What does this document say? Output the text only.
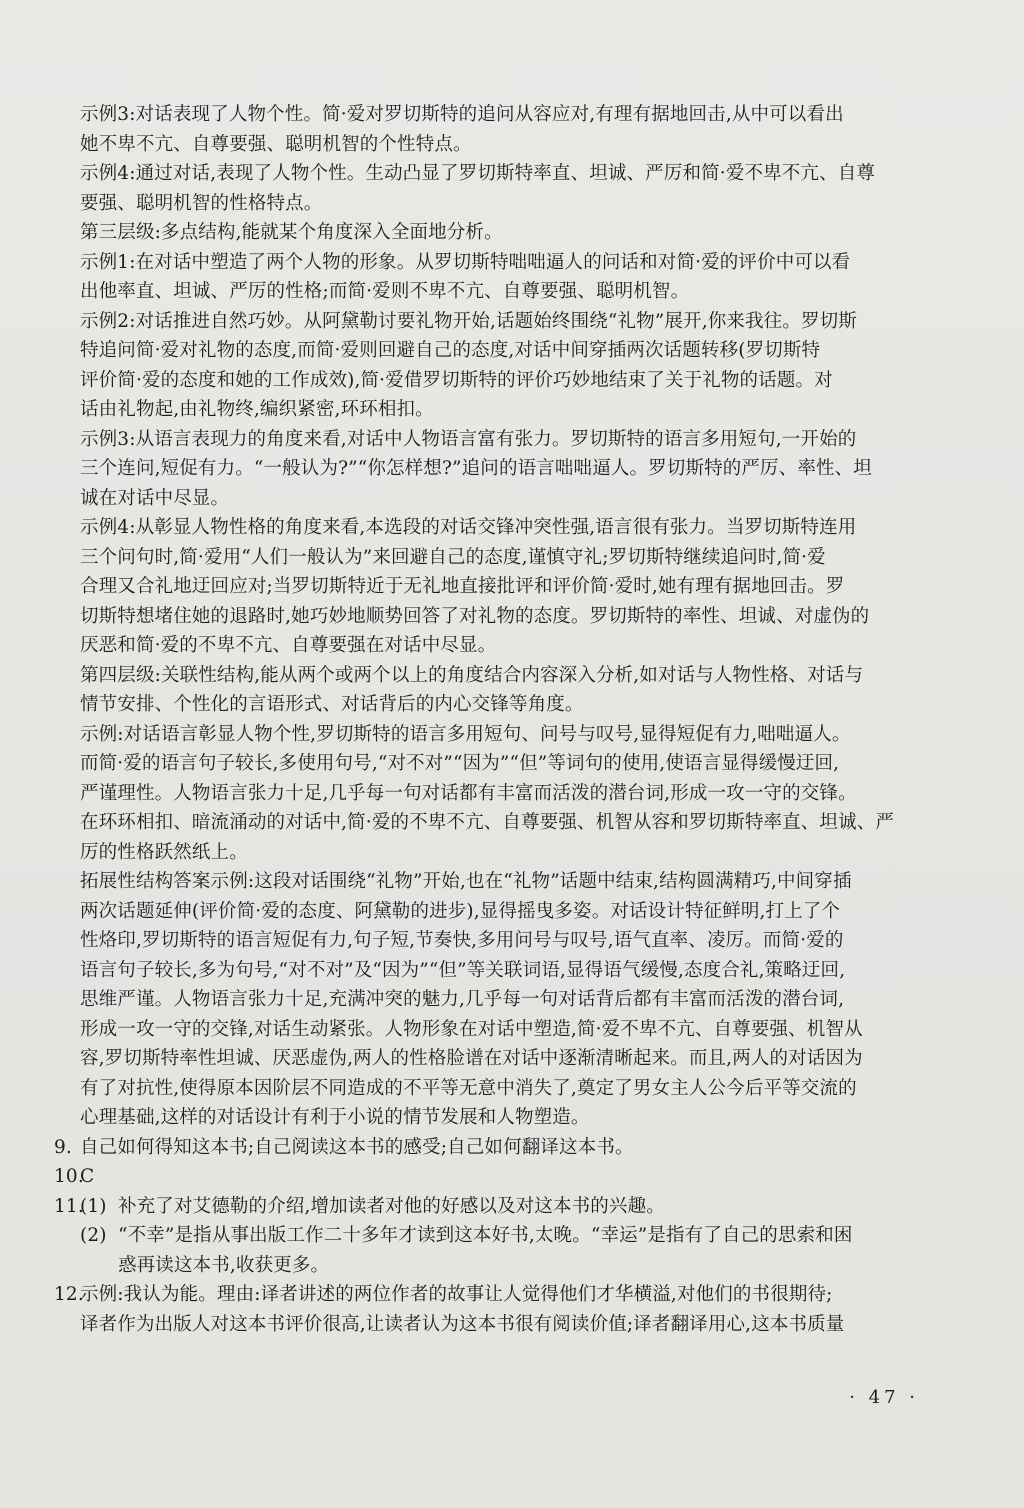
示例3:对话表现了人物个性。简·爱对罗切斯特的追问从容应对,有理有据地回击,从中可以看出
她不卑不亢、自尊要强、聪明机智的个性特点。
示例4:通过对话,表现了人物个性。生动凸显了罗切斯特率直、坦诚、严厉和简·爱不卑不亢、自尊
要强、聪明机智的性格特点。
第三层级:多点结构,能就某个角度深入全面地分析。
示例1:在对话中塑造了两个人物的形象。从罗切斯特咄咄逼人的问话和对简·爱的评价中可以看
出他率直、坦诚、严厉的性格;而简·爱则不卑不亢、自尊要强、聪明机智。
示例2:对话推进自然巧妙。从阿黛勒讨要礼物开始,话题始终围绕“礼物”展开,你来我往。罗切斯
特追问简·爱对礼物的态度,而简·爱则回避自己的态度,对话中间穿插两次话题转移(罗切斯特
评价简·爱的态度和她的工作成效),简·爱借罗切斯特的评价巧妙地结束了关于礼物的话题。对
话由礼物起,由礼物终,编织紧密,环环相扣。
示例3:从语言表现力的角度来看,对话中人物语言富有张力。罗切斯特的语言多用短句,一开始的
三个连问,短促有力。“一般认为?”“你怎样想?”追问的语言咄咄逼人。罗切斯特的严厉、率性、坦
诚在对话中尽显。
示例4:从彰显人物性格的角度来看,本选段的对话交锋冲突性强,语言很有张力。当罗切斯特连用
三个问句时,简·爱用“人们一般认为”来回避自己的态度,谨慎守礼;罗切斯特继续追问时,简·爱
合理又合礼地迂回应对;当罗切斯特近于无礼地直接批评和评价简·爱时,她有理有据地回击。罗
切斯特想堵住她的退路时,她巧妙地顺势回答了对礼物的态度。罗切斯特的率性、坦诚、对虚伪的
厌恶和简·爱的不卑不亢、自尊要强在对话中尽显。
第四层级:关联性结构,能从两个或两个以上的角度结合内容深入分析,如对话与人物性格、对话与
情节安排、个性化的言语形式、对话背后的内心交锋等角度。
示例:对话语言彰显人物个性,罗切斯特的语言多用短句、问号与叹号,显得短促有力,咄咄逼人。
而简·爱的语言句子较长,多使用句号,“对不对”“因为”“但”等词句的使用,使语言显得缓慢迂回,
严谨理性。人物语言张力十足,几乎每一句对话都有丰富而活泼的潜台词,形成一攻一守的交锋。
在环环相扣、暗流涌动的对话中,简·爱的不卑不亢、自尊要强、机智从容和罗切斯特率直、坦诚、严
厉的性格跃然纸上。
拓展性结构答案示例:这段对话围绕“礼物”开始,也在“礼物”话题中结束,结构圆满精巧,中间穿插
两次话题延伸(评价简·爱的态度、阿黛勒的进步),显得摇曳多姿。对话设计特征鲜明,打上了个
性烙印,罗切斯特的语言短促有力,句子短,节奏快,多用问号与叹号,语气直率、凌厉。而简·爱的
语言句子较长,多为句号,“对不对”及“因为”“但”等关联词语,显得语气缓慢,态度合礼,策略迂回,
思维严谨。人物语言张力十足,充满冲突的魅力,几乎每一句对话背后都有丰富而活泼的潜台词,
形成一攻一守的交锋,对话生动紧张。人物形象在对话中塑造,简·爱不卑不亢、自尊要强、机智从
容,罗切斯特率性坦诚、厌恶虚伪,两人的性格脸谱在对话中逐渐清晰起来。而且,两人的对话因为
有了对抗性,使得原本因阶层不同造成的不平等无意中消失了,奠定了男女主人公今后平等交流的
心理基础,这样的对话设计有利于小说的情节发展和人物塑造。
9. 自己如何得知这本书;自己阅读这本书的感受;自己如何翻译这本书。
10.
C
11.
(1) 补充了对艾德勒的介绍,增加读者对他的好感以及对这本书的兴趣。
(2) “不幸”是指从事出版工作二十多年才读到这本好书,太晚。“幸运”是指有了自己的思索和困
惑再读这本书,收获更多。
12.
示例:我认为能。理由:译者讲述的两位作者的故事让人觉得他们才华横溢,对他们的书很期待;
译者作为出版人对这本书评价很高,让读者认为这本书很有阅读价值;译者翻译用心,这本书质量
· 47 ·
